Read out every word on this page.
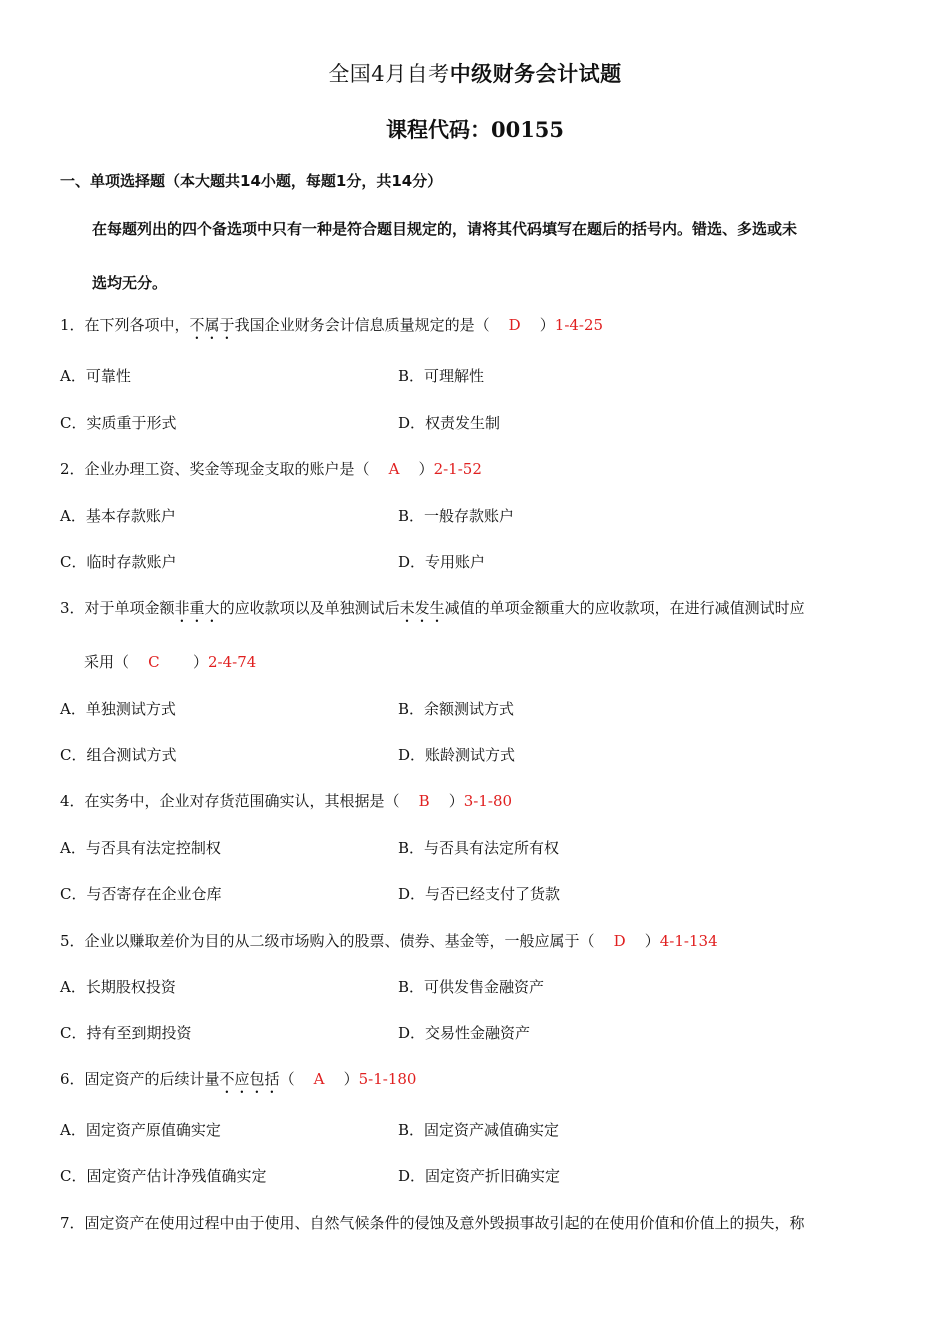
全国4月自考中级财务会计试题
课程代码：00155
一、单项选择题（本大题共14小题，每题1分，共14分）
在每题列出的四个备选项中只有一种是符合题目规定的，请将其代码填写在题后的括号内。错选、多选或未
选均无分。
1．在下列各项中，不属于我国企业财务会计信息质量规定的是（ D ）1-4-25
A．可靠性	B．可理解性
C．实质重于形式	D．权责发生制
2．企业办理工资、奖金等现金支取的账户是（ A ）2-1-52
A．基本存款账户	B．一般存款账户
C．临时存款账户	D．专用账户
3．对于单项金额非重大的应收款项以及单独测试后未发生减值的单项金额重大的应收款项，在进行减值测试时应
采用（ C ）2-4-74
A．单独测试方式	B．余额测试方式
C．组合测试方式	D．账龄测试方式
4．在实务中，企业对存货范围确实认，其根据是（ B ）3-1-80
A．与否具有法定控制权	B．与否具有法定所有权
C．与否寄存在企业仓库	D．与否已经支付了货款
5．企业以赚取差价为目的从二级市场购入的股票、债券、基金等，一般应属于（ D ）4-1-134
A．长期股权投资	B．可供发售金融资产
C．持有至到期投资	D．交易性金融资产
6．固定资产的后续计量不应包括（ A ）5-1-180
A．固定资产原值确实定	B．固定资产减值确实定
C．固定资产估计净残值确实定	D．固定资产折旧确实定
7．固定资产在使用过程中由于使用、自然气候条件的侵蚀及意外毁损事故引起的在使用价值和价值上的损失，称
